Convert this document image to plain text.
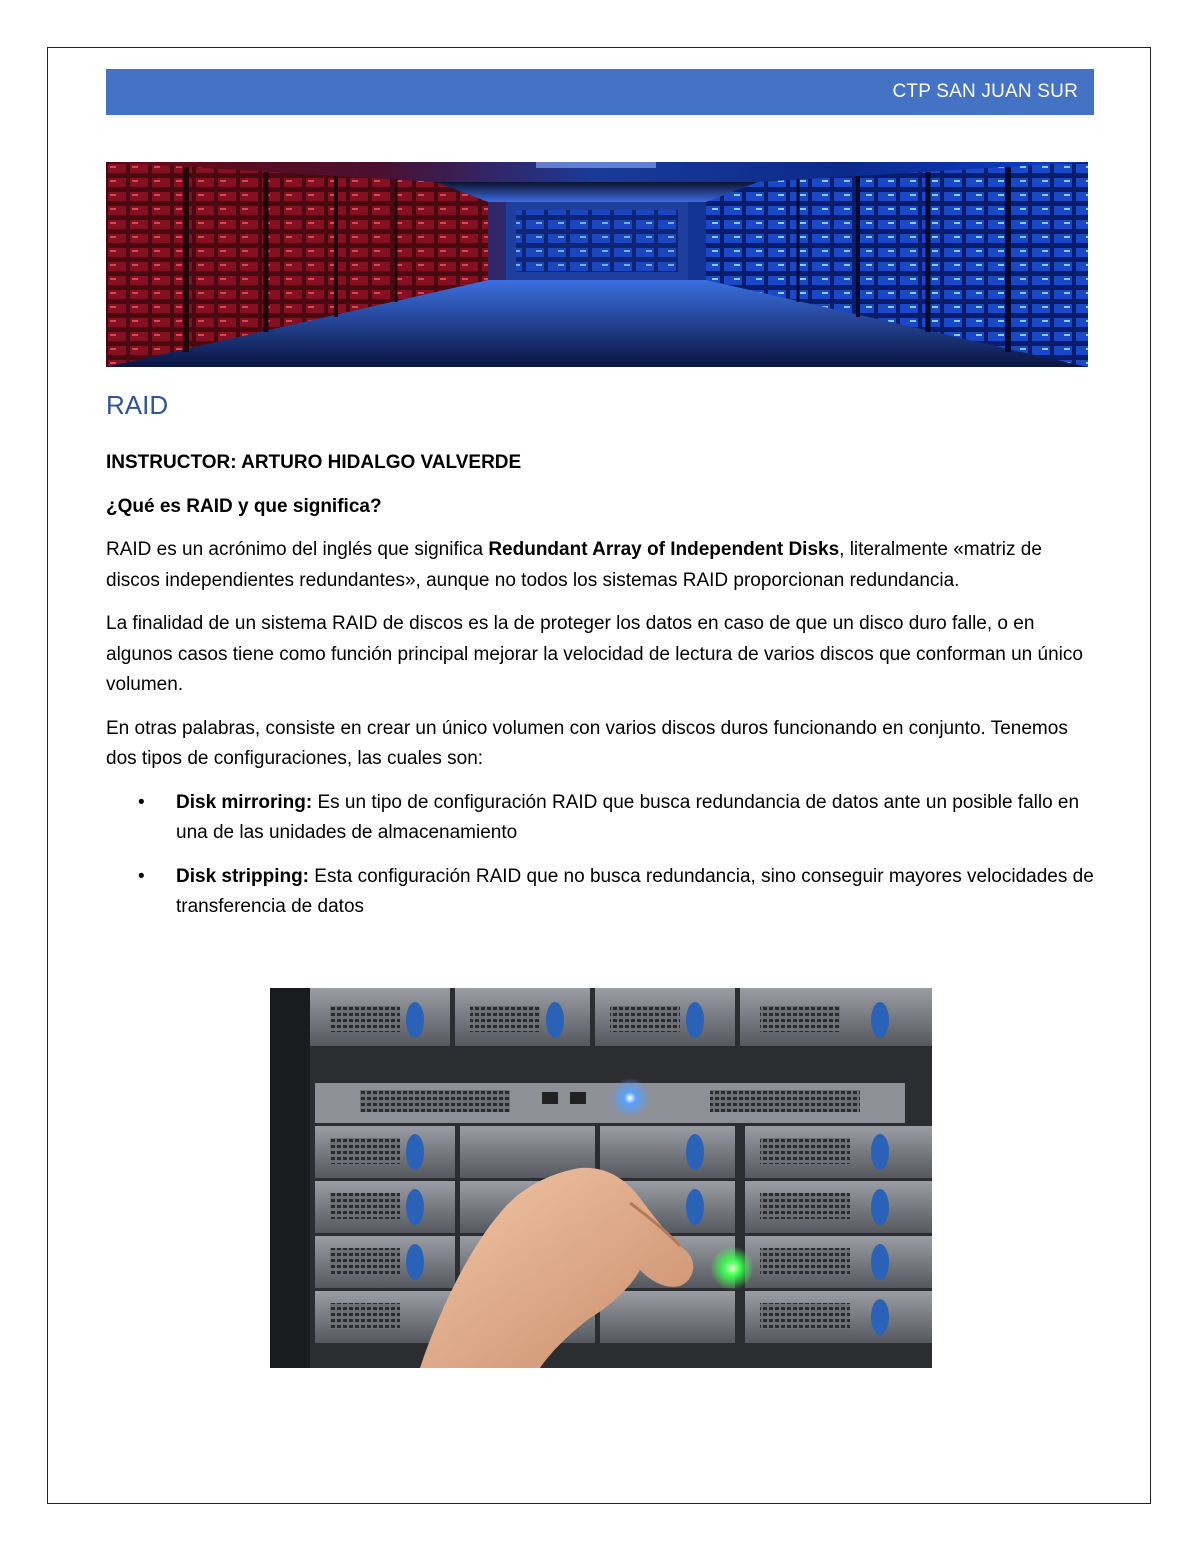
CTP SAN JUAN SUR
RAID

INSTRUCTOR: ARTURO HIDALGO VALVERDE

¿Qué es RAID y que significa?

RAID es un acrónimo del inglés que significa Redundant Array of Independent Disks, literalmente «matriz de discos independientes redundantes», aunque no todos los sistemas RAID proporcionan redundancia.

La finalidad de un sistema RAID de discos es la de proteger los datos en caso de que un disco duro falle, o en algunos casos tiene como función principal mejorar la velocidad de lectura de varios discos que conforman un único volumen.

En otras palabras, consiste en crear un único volumen con varios discos duros funcionando en conjunto. Tenemos dos tipos de configuraciones, las cuales son:

• Disk mirroring: Es un tipo de configuración RAID que busca redundancia de datos ante un posible fallo en una de las unidades de almacenamiento
• Disk stripping: Esta configuración RAID que no busca redundancia, sino conseguir mayores velocidades de transferencia de datos
